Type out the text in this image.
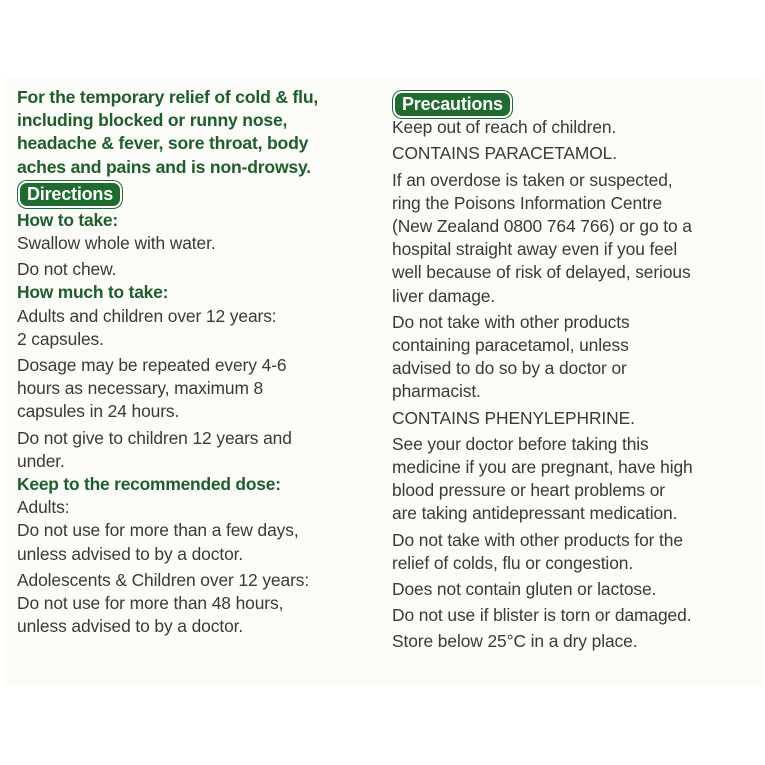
For the temporary relief of cold & flu,
including blocked or runny nose,
headache & fever, sore throat, body
aches and pains and is non-drowsy.
Directions
How to take:
Swallow whole with water.
Do not chew.
How much to take:
Adults and children over 12 years:
2 capsules.
Dosage may be repeated every 4-6
hours as necessary, maximum 8
capsules in 24 hours.
Do not give to children 12 years and
under.
Keep to the recommended dose:
Adults:
Do not use for more than a few days,
unless advised to by a doctor.
Adolescents & Children over 12 years:
Do not use for more than 48 hours,
unless advised to by a doctor.
Precautions
Keep out of reach of children.
CONTAINS PARACETAMOL.
If an overdose is taken or suspected,
ring the Poisons Information Centre
(New Zealand 0800 764 766) or go to a
hospital straight away even if you feel
well because of risk of delayed, serious
liver damage.
Do not take with other products
containing paracetamol, unless
advised to do so by a doctor or
pharmacist.
CONTAINS PHENYLEPHRINE.
See your doctor before taking this
medicine if you are pregnant, have high
blood pressure or heart problems or
are taking antidepressant medication.
Do not take with other products for the
relief of colds, flu or congestion.
Does not contain gluten or lactose.
Do not use if blister is torn or damaged.
Store below 25°C in a dry place.
